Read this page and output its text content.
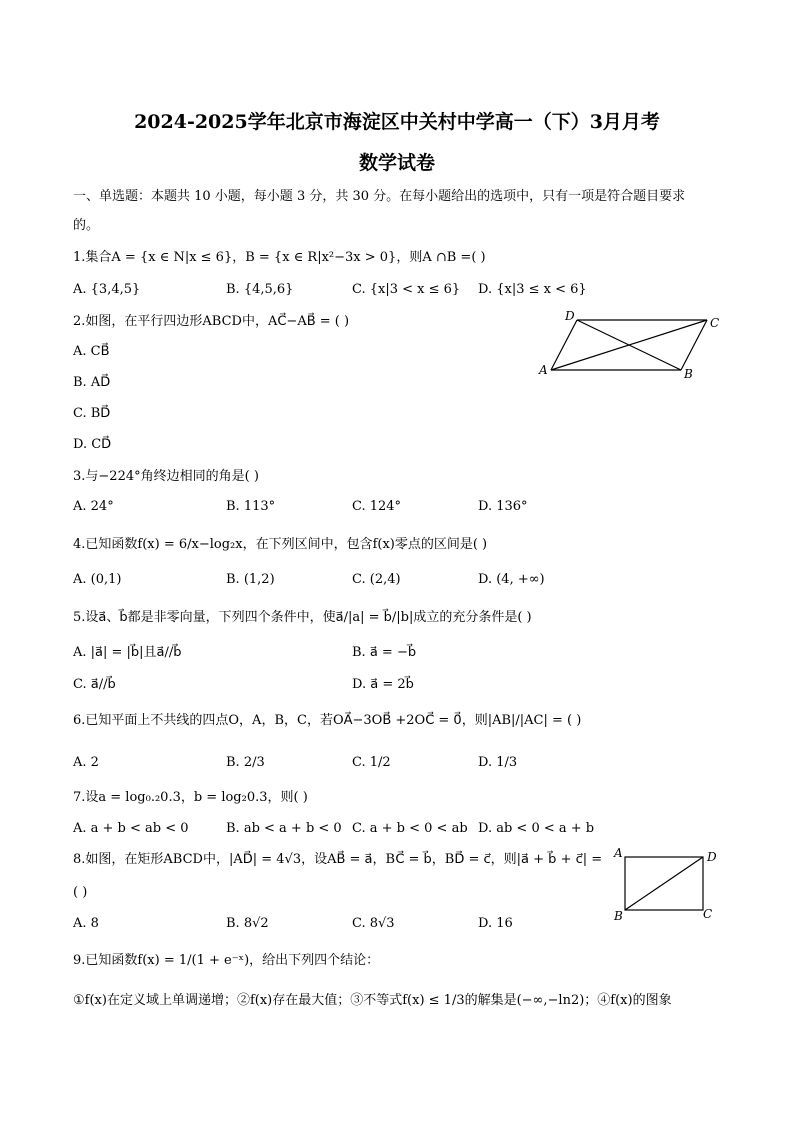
2024-2025学年北京市海淀区中关村中学高一（下）3月月考
数学试卷
一、单选题：本题共 10 小题，每小题 3 分，共 30 分。在每小题给出的选项中，只有一项是符合题目要求
的。
1.集合A = {x ∈ N|x ≤ 6}，B = {x ∈ R|x²−3x > 0}，则A ∩B =( )
A. {3,4,5}	B. {4,5,6}	C. {x|3 < x ≤ 6} D. {x|3 ≤ x < 6}
2.如图，在平行四边形ABCD中，AC⃗−AB⃗ = ( )
A. CB⃗
B. AD⃗
C. BD⃗
D. CD⃗
D	C
A	B
3.与−224°角终边相同的角是( )
A. 24°	B. 113°	C. 124°	D. 136°
4.已知函数f(x) = 6/x−log₂x，在下列区间中，包含f(x)零点的区间是( )
A. (0,1)	B. (1,2)	C. (2,4)	D. (4, +∞)
5.设a⃗、b⃗都是非零向量，下列四个条件中，使a⃗/|a| = b⃗/|b|成立的充分条件是( )
A. |a⃗| = |b⃗|且a⃗//b⃗	B. a⃗ = −b⃗
C. a⃗//b⃗	D. a⃗ = 2b⃗
6.已知平面上不共线的四点O，A，B，C，若OA⃗−3OB⃗ +2OC⃗ = 0⃗，则|AB|/|AC| = ( )
A. 2	B. 2/3	C. 1/2	D. 1/3
7.设a = log₀.₂0.3，b = log₂0.3，则( )
A. a + b < ab < 0	B. ab < a + b < 0 C. a + b < 0 < ab D. ab < 0 < a + b
8.如图，在矩形ABCD中，|AD⃗| = 4√3，设AB⃗ = a⃗，BC⃗ = b⃗，BD⃗ = c⃗，则|a⃗ + b⃗ + c⃗| =
( )
A. 8	B. 8√2	C. 8√3	D. 16
A	D
B	C
9.已知函数f(x) = 1/(1 + e⁻ˣ)，给出下列四个结论：
①f(x)在定义域上单调递增；②f(x)存在最大值；③不等式f(x) ≤ 1/3的解集是(−∞,−ln2)；④f(x)的图象
